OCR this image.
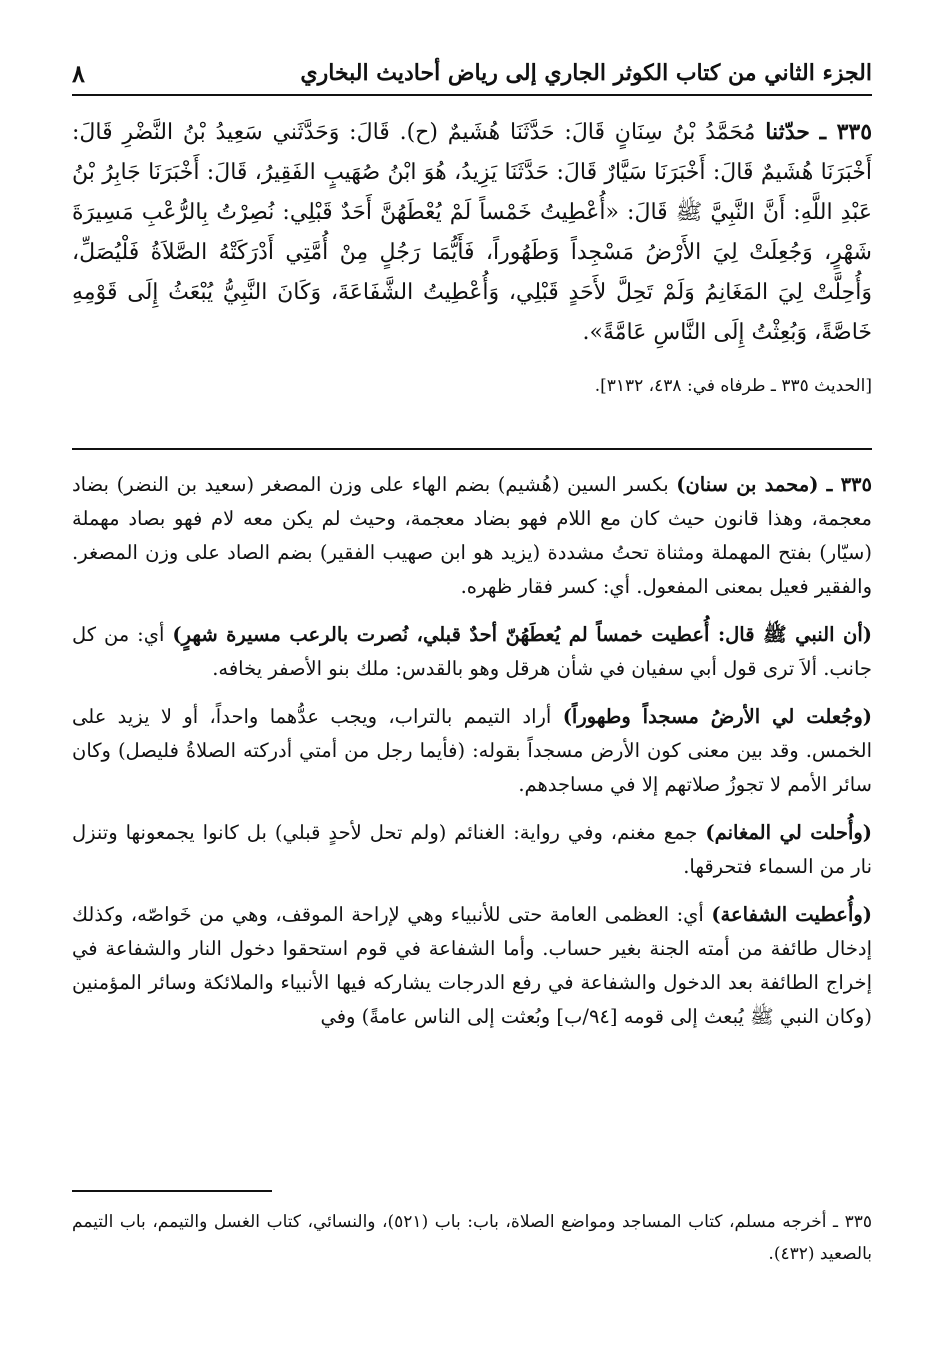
الجزء الثاني من كتاب الكوثر الجاري إلى رياض أحاديث البخاري
٨
٣٣٥ ـ حدّثنا مُحَمَّدُ بْنُ سِنَانٍ قَالَ: حَدَّثَنَا هُشَيمٌ (ح). قَالَ: وَحَدَّثَني سَعِيدُ بْنُ النَّضْرِ قَالَ: أَخْبَرَنَا هُشَيمٌ قَالَ: أَخْبَرَنَا سَيَّارٌ قَالَ: حَدَّثَنَا يَزِيدُ، هُوَ ابْنُ صُهَيبٍ الفَقِيرُ، قَالَ: أَخْبَرَنَا جَابِرُ بْنُ عَبْدِ اللَّهِ: أَنَّ النَّبِيَّ ﷺ قَالَ: «أُعْطِيتُ خَمْساً لَمْ يُعْطَهُنَّ أَحَدٌ قَبْلِي: نُصِرْتُ بِالرُّعْبِ مَسِيرَةَ شَهْرٍ، وَجُعِلَتْ لِيَ الأَرْضُ مَسْجِداً وَطَهُوراً، فَأَيُّمَا رَجُلٍ مِنْ أُمَّتِي أَدْرَكَتْهُ الصَّلاَةُ فَلْيُصَلِّ، وَأُحِلَّتْ لِيَ المَغَانِمُ وَلَمْ تَحِلَّ لأَحَدٍ قَبْلِي، وَأُعْطِيتُ الشَّفَاعَةَ، وَكَانَ النَّبِيُّ يُبْعَثُ إِلَى قَوْمِهِ خَاصَّةً، وَبُعِثْتُ إِلَى النَّاسِ عَامَّةً».
[الحديث ٣٣٥ ـ طرفاه في: ٤٣٨، ٣١٣٢].

٣٣٥ ـ (محمد بن سنان) بكسر السين (هُشيم) بضم الهاء على وزن المصغر (سعيد بن النضر) بضاد معجمة، وهذا قانون حيث كان مع اللام فهو بضاد معجمة، وحيث لم يكن معه لام فهو بصاد مهملة (سيّار) بفتح المهملة ومثناة تحتُ مشددة (يزيد هو ابن صهيب الفقير) بضم الصاد على وزن المصغر. والفقير فعيل بمعنى المفعول. أي: كسر فقار ظهره.

(أن النبي ﷺ قال: أُعطيت خمساً لم يُعطَهُنّ أحدٌ قبلي، نُصرت بالرعب مسيرة شهرٍ) أي: من كل جانب. ألاَ ترى قول أبي سفيان في شأن هرقل وهو بالقدس: ملك بنو الأصفر يخافه.

(وجُعلت لي الأرضُ مسجداً وطهوراً) أراد التيمم بالتراب، ويجب عدُّهما واحداً، أو لا يزيد على الخمس. وقد بين معنى كون الأرض مسجداً بقوله: (فأيما رجل من أمتي أدركته الصلاةُ فليصل) وكان سائر الأمم لا تجوزُ صلاتهم إلا في مساجدهم.

(وأُحلت لي المغانم) جمع مغنم، وفي رواية: الغنائم (ولم تحل لأحدٍ قبلي) بل كانوا يجمعونها وتنزل نار من السماء فتحرقها.

(وأُعطيت الشفاعة) أي: العظمى العامة حتى للأنبياء وهي لإراحة الموقف، وهي من خَواصّه، وكذلك إدخال طائفة من أمته الجنة بغير حساب. وأما الشفاعة في قوم استحقوا دخول النار والشفاعة في إخراج الطائفة بعد الدخول والشفاعة في رفع الدرجات يشاركه فيها الأنبياء والملائكة وسائر المؤمنين (وكان النبي ﷺ يُبعث إلى قومه [٩٤/ب] وبُعثت إلى الناس عامةً) وفي

٣٣٥ ـ أخرجه مسلم، كتاب المساجد ومواضع الصلاة، باب: باب (٥٢١)، والنسائي، كتاب الغسل والتيمم، باب التيمم بالصعيد (٤٣٢).
